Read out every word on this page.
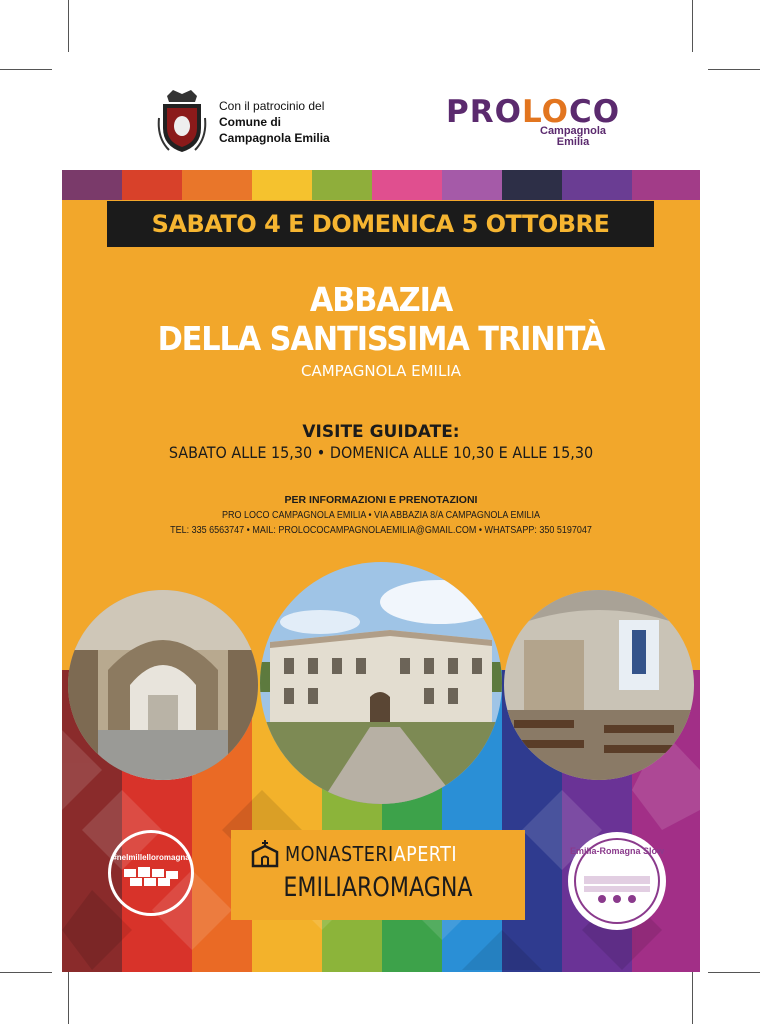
Con il patrocinio del
Comune di
Campagnola Emilia
PROLOCO
Campagnola
Emilia
SABATO 4 E DOMENICA 5 OTTOBRE
ABBAZIA
DELLA SANTISSIMA TRINITÀ
CAMPAGNOLA EMILIA
VISITE GUIDATE:
SABATO ALLE 15,30 • DOMENICA ALLE 10,30 E ALLE 15,30
PER INFORMAZIONI E PRENOTAZIONI
PRO LOCO CAMPAGNOLA EMILIA • VIA ABBAZIA 8/A CAMPAGNOLA EMILIA
TEL: 335 6563747 • MAIL: PROLOCOCAMPAGNOLAEMILIA@GMAIL.COM • WHATSAPP: 350 5197047
#nelmillelloromagna	MONASTERIAPERTI
EMILIAROMAGNA
Emilia-Romagna Slow
